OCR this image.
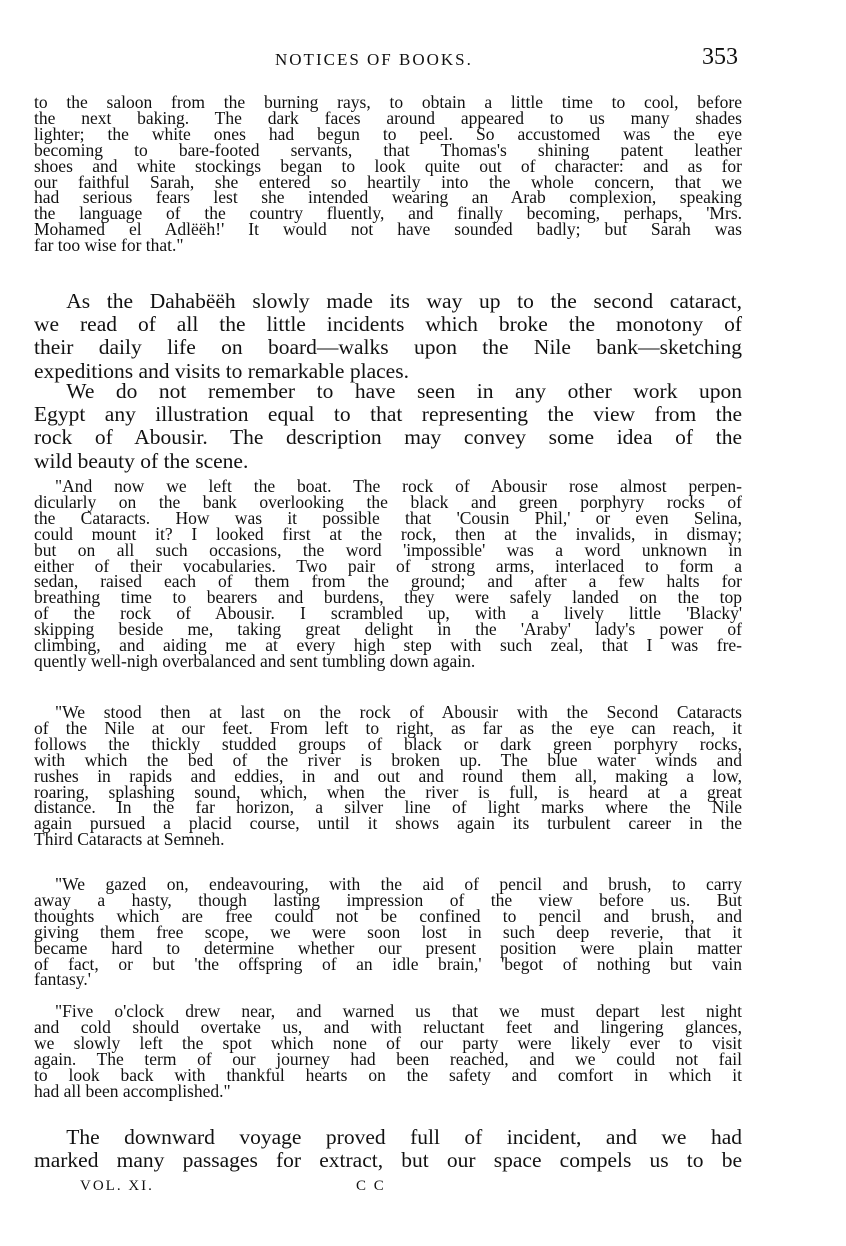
NOTICES OF BOOKS.	353
to the saloon from the burning rays, to obtain a little time to cool, before
the next baking. The dark faces around appeared to us many shades
lighter; the white ones had begun to peel. So accustomed was the eye
becoming to bare-footed servants, that Thomas's shining patent leather
shoes and white stockings began to look quite out of character: and as for
our faithful Sarah, she entered so heartily into the whole concern, that we
had serious fears lest she intended wearing an Arab complexion, speaking
the language of the country fluently, and finally becoming, perhaps, 'Mrs.
Mohamed el Adlëëh!' It would not have sounded badly; but Sarah was
far too wise for that."
As the Dahabëëh slowly made its way up to the second cataract,
we read of all the little incidents which broke the monotony of
their daily life on board—walks upon the Nile bank—sketching
expeditions and visits to remarkable places.
We do not remember to have seen in any other work upon
Egypt any illustration equal to that representing the view from the
rock of Abousir. The description may convey some idea of the
wild beauty of the scene.
"And now we left the boat. The rock of Abousir rose almost perpen-
dicularly on the bank overlooking the black and green porphyry rocks of
the Cataracts. How was it possible that 'Cousin Phil,' or even Selina,
could mount it? I looked first at the rock, then at the invalids, in dismay;
but on all such occasions, the word 'impossible' was a word unknown in
either of their vocabularies. Two pair of strong arms, interlaced to form a
sedan, raised each of them from the ground; and after a few halts for
breathing time to bearers and burdens, they were safely landed on the top
of the rock of Abousir. I scrambled up, with a lively little 'Blacky'
skipping beside me, taking great delight in the 'Araby' lady's power of
climbing, and aiding me at every high step with such zeal, that I was fre-
quently well-nigh overbalanced and sent tumbling down again.
"We stood then at last on the rock of Abousir with the Second Cataracts
of the Nile at our feet. From left to right, as far as the eye can reach, it
follows the thickly studded groups of black or dark green porphyry rocks,
with which the bed of the river is broken up. The blue water winds and
rushes in rapids and eddies, in and out and round them all, making a low,
roaring, splashing sound, which, when the river is full, is heard at a great
distance. In the far horizon, a silver line of light marks where the Nile
again pursued a placid course, until it shows again its turbulent career in the
Third Cataracts at Semneh.
"We gazed on, endeavouring, with the aid of pencil and brush, to carry
away a hasty, though lasting impression of the view before us. But
thoughts which are free could not be confined to pencil and brush, and
giving them free scope, we were soon lost in such deep reverie, that it
became hard to determine whether our present position were plain matter
of fact, or but 'the offspring of an idle brain,' 'begot of nothing but vain
fantasy.'
"Five o'clock drew near, and warned us that we must depart lest night
and cold should overtake us, and with reluctant feet and lingering glances,
we slowly left the spot which none of our party were likely ever to visit
again. The term of our journey had been reached, and we could not fail
to look back with thankful hearts on the safety and comfort in which it
had all been accomplished."
The downward voyage proved full of incident, and we had
marked many passages for extract, but our space compels us to be
VOL. XI.	C C
